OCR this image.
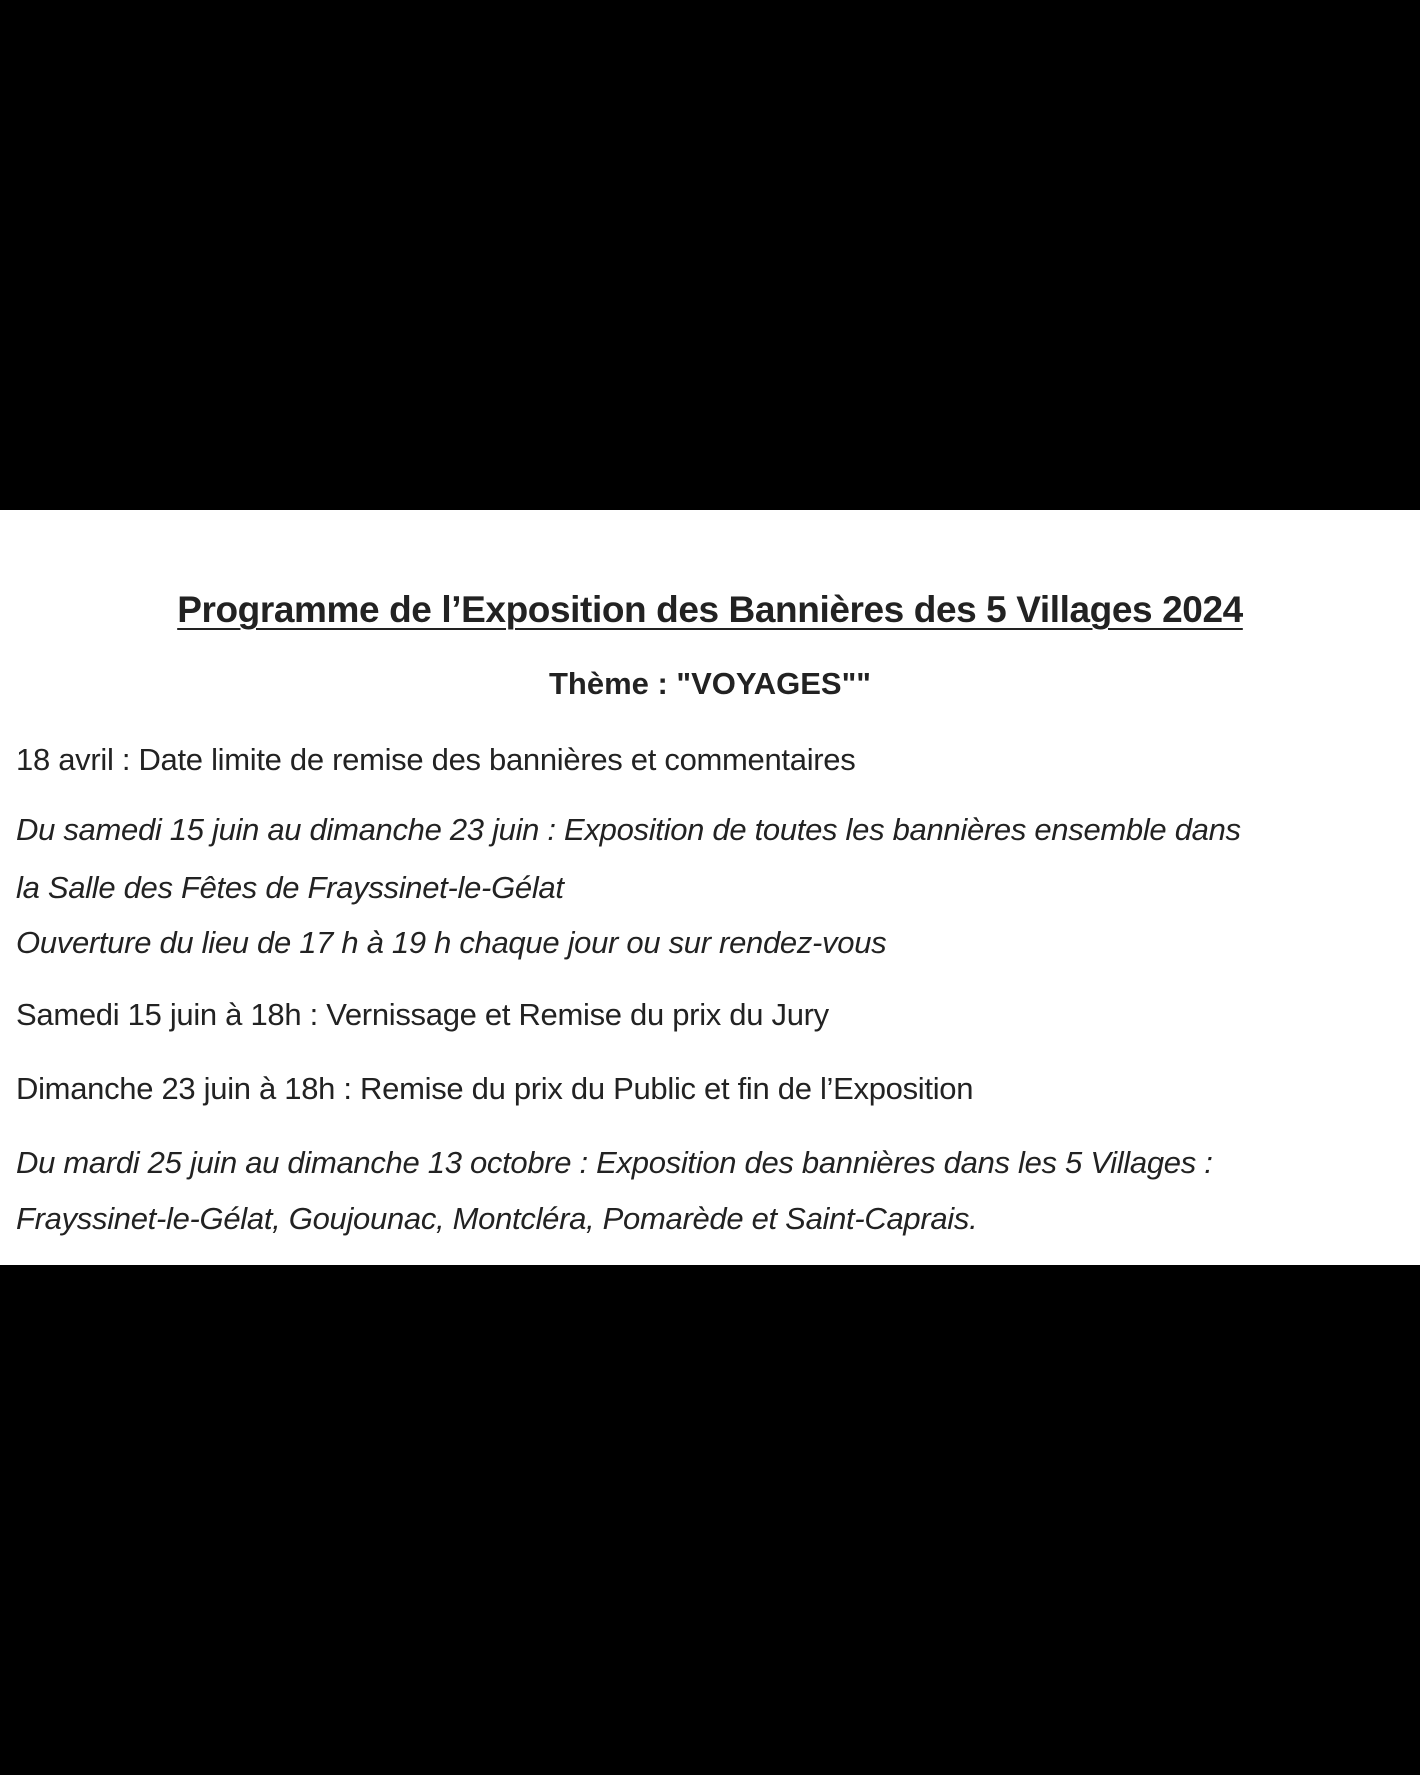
Programme de l’Exposition des Bannières des 5 Villages 2024
Thème : "VOYAGES""
18 avril : Date limite de remise des bannières et commentaires
Du samedi 15 juin au dimanche 23 juin : Exposition de toutes les bannières ensemble dans
la Salle des Fêtes de Frayssinet-le-Gélat
Ouverture du lieu de 17 h à 19 h chaque jour ou sur rendez-vous
Samedi 15 juin à 18h : Vernissage et Remise du prix du Jury
Dimanche 23 juin à 18h : Remise du prix du Public et fin de l’Exposition
Du mardi 25 juin au dimanche 13 octobre : Exposition des bannières dans les 5 Villages :
Frayssinet-le-Gélat, Goujounac, Montcléra, Pomarède et Saint-Caprais.
